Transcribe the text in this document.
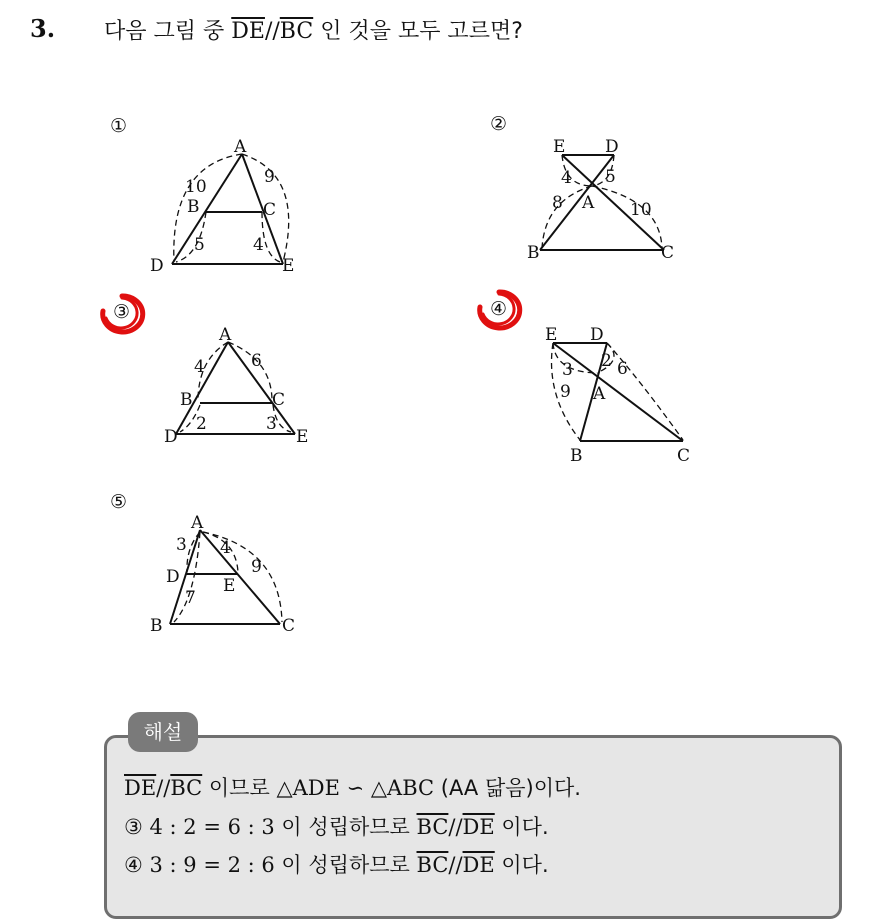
3. 다음 그림 중 $\overline{DE}//\overline{BC}$ 인 것을 모두 고르면?
①
A
B	C
D	E
10	9
5	4
②
E D
A
B	C
4 5
8	10
③
A
B	C
D	E
4	6
2	3
④
E D
A
B	C
3 2 6
9
⑤
A
D	E
B	C
3 4
9
7
해설
$\overline{DE}//\overline{BC}$ 이므로 △ADE ∽ △ABC (AA 닮음)이다.
③ 4 : 2 = 6 : 3 이 성립하므로 $\overline{BC}//\overline{DE}$ 이다.
④ 3 : 9 = 2 : 6 이 성립하므로 $\overline{BC}//\overline{DE}$ 이다.
